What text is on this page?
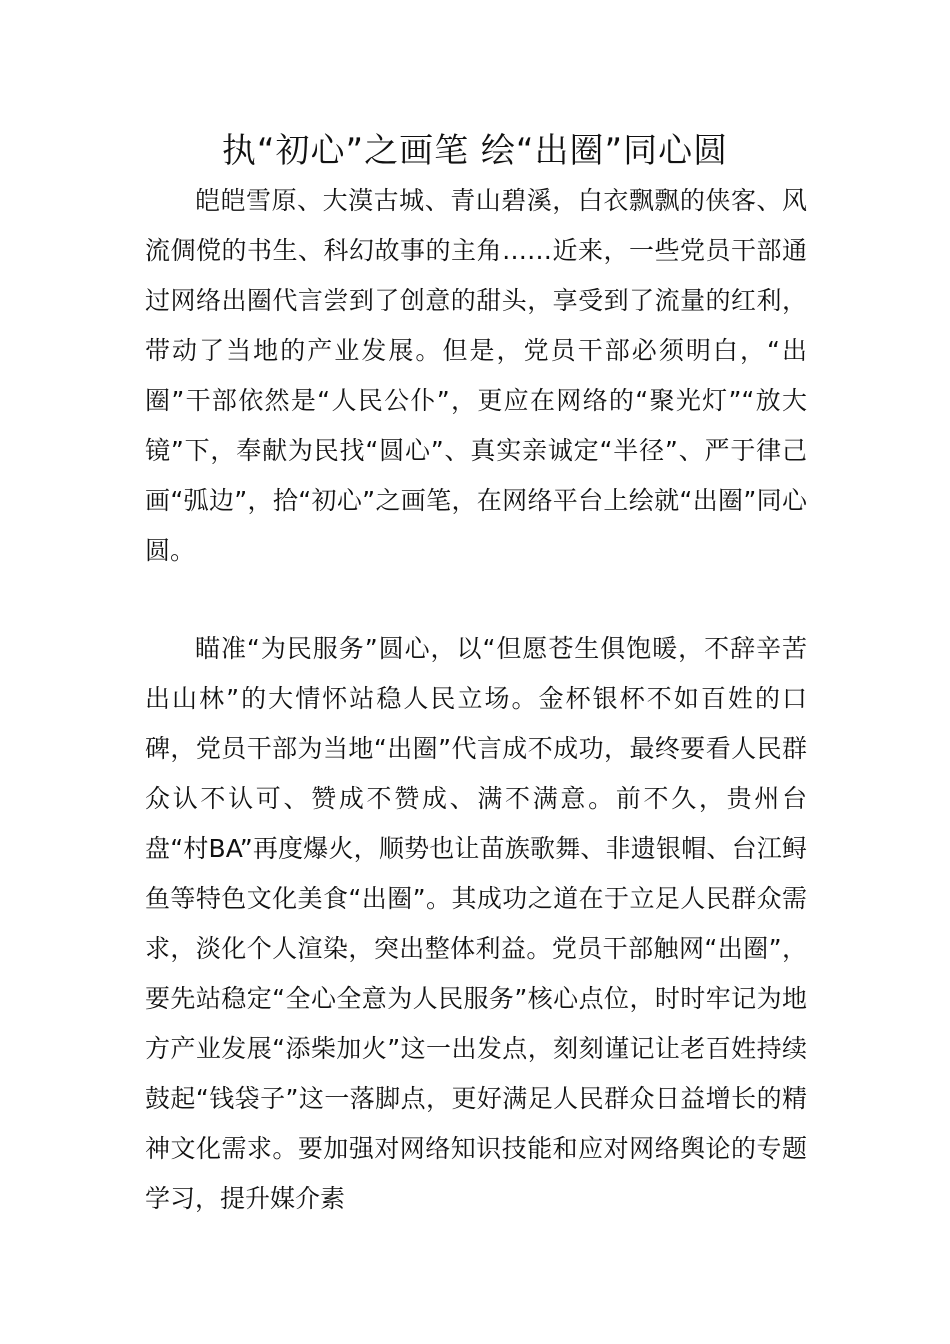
执“初心”之画笔 绘“出圈”同心圆

皑皑雪原、大漠古城、青山碧溪，白衣飘飘的侠客、风流倜傥的书生、科幻故事的主角……近来，一些党员干部通过网络出圈代言尝到了创意的甜头，享受到了流量的红利，带动了当地的产业发展。但是，党员干部必须明白，“出圈”干部依然是“人民公仆”，更应在网络的“聚光灯”“放大镜”下，奉献为民找“圆心”、真实亲诚定“半径”、严于律己画“弧边”，拾“初心”之画笔，在网络平台上绘就“出圈”同心圆。

瞄准“为民服务”圆心，以“但愿苍生俱饱暖，不辞辛苦出山林”的大情怀站稳人民立场。金杯银杯不如百姓的口碑，党员干部为当地“出圈”代言成不成功，最终要看人民群众认不认可、赞成不赞成、满不满意。前不久，贵州台盘“村BA”再度爆火，顺势也让苗族歌舞、非遗银帽、台江鲟鱼等特色文化美食“出圈”。其成功之道在于立足人民群众需求，淡化个人渲染，突出整体利益。党员干部触网“出圈”，要先站稳定“全心全意为人民服务”核心点位，时时牢记为地方产业发展“添柴加火”这一出发点，刻刻谨记让老百姓持续鼓起“钱袋子”这一落脚点，更好满足人民群众日益增长的精神文化需求。要加强对网络知识技能和应对网络舆论的专题学习，提升媒介素
